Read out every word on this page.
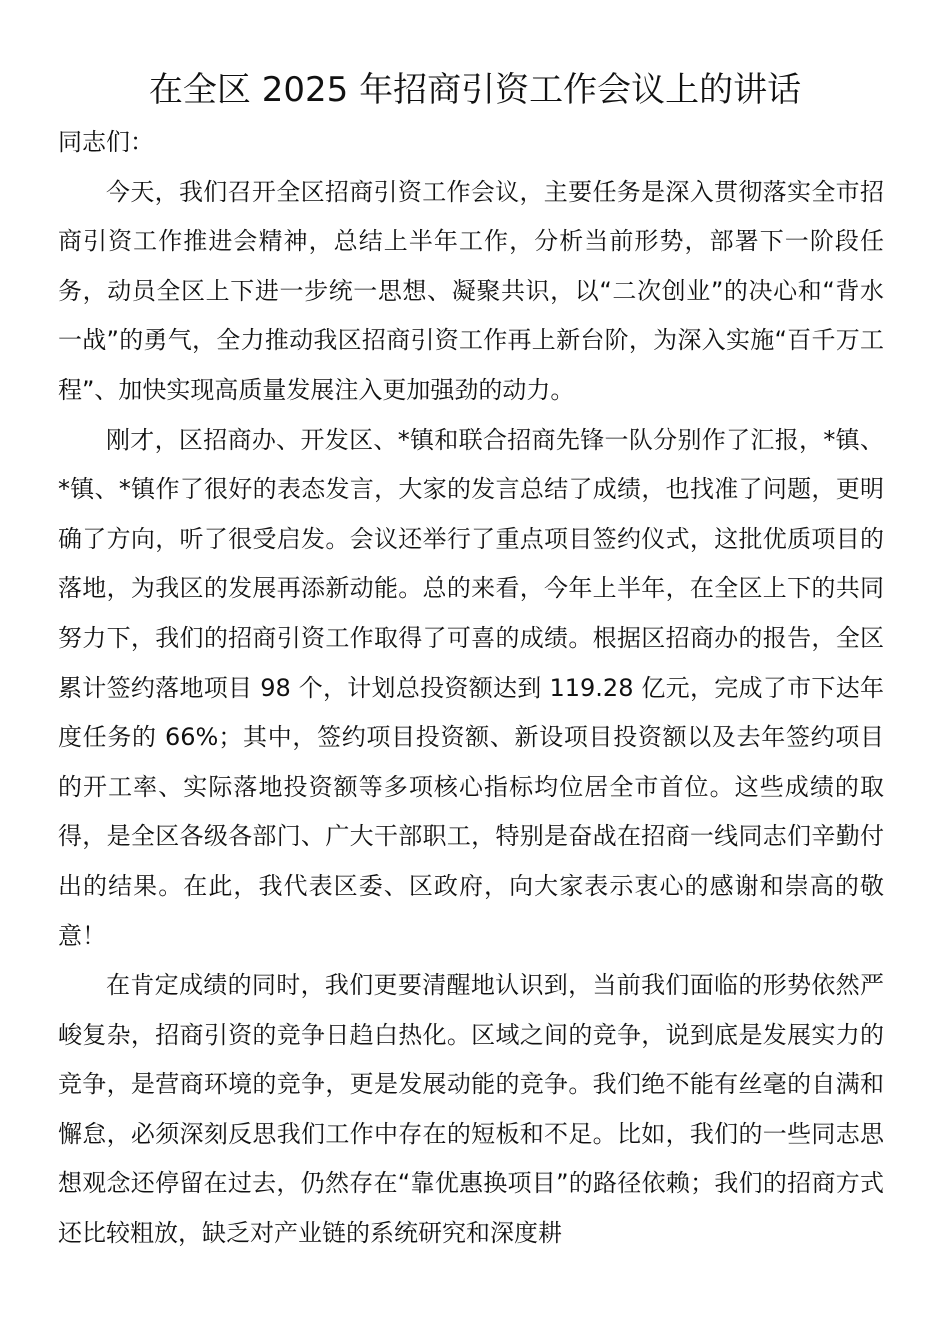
在全区 2025 年招商引资工作会议上的讲话

同志们：

今天，我们召开全区招商引资工作会议，主要任务是深入贯彻落实全市招商引资工作推进会精神，总结上半年工作，分析当前形势，部署下一阶段任务，动员全区上下进一步统一思想、凝聚共识，以“二次创业”的决心和“背水一战”的勇气，全力推动我区招商引资工作再上新台阶，为深入实施“百千万工程”、加快实现高质量发展注入更加强劲的动力。

刚才，区招商办、开发区、*镇和联合招商先锋一队分别作了汇报，*镇、*镇、*镇作了很好的表态发言，大家的发言总结了成绩，也找准了问题，更明确了方向，听了很受启发。会议还举行了重点项目签约仪式，这批优质项目的落地，为我区的发展再添新动能。总的来看，今年上半年，在全区上下的共同努力下，我们的招商引资工作取得了可喜的成绩。根据区招商办的报告，全区累计签约落地项目 98 个，计划总投资额达到 119.28 亿元，完成了市下达年度任务的 66%；其中，签约项目投资额、新设项目投资额以及去年签约项目的开工率、实际落地投资额等多项核心指标均位居全市首位。这些成绩的取得，是全区各级各部门、广大干部职工，特别是奋战在招商一线同志们辛勤付出的结果。在此，我代表区委、区政府，向大家表示衷心的感谢和崇高的敬意！

在肯定成绩的同时，我们更要清醒地认识到，当前我们面临的形势依然严峻复杂，招商引资的竞争日趋白热化。区域之间的竞争，说到底是发展实力的竞争，是营商环境的竞争，更是发展动能的竞争。我们绝不能有丝毫的自满和懈怠，必须深刻反思我们工作中存在的短板和不足。比如，我们的一些同志思想观念还停留在过去，仍然存在“靠优惠换项目”的路径依赖；我们的招商方式还比较粗放，缺乏对产业链的系统研究和深度耕
